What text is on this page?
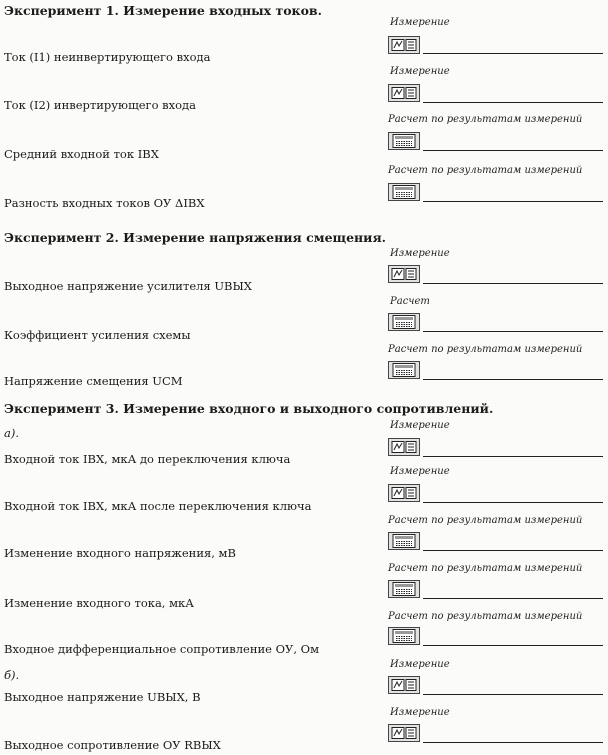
Эксперимент 1. Измерение входных токов.

Измерение

Ток (I1) неинвертирующего входа

Измерение

Ток (I2) инвертирующего входа

Расчет по результатам измерений

Средний входной ток IВХ

Расчет по результатам измерений

Разность входных токов ОУ ΔIВХ

Эксперимент 2. Измерение напряжения смещения.

Измерение

Выходное напряжение усилителя UВЫХ

Расчет

Коэффициент усиления схемы

Расчет по результатам измерений

Напряжение смещения UСМ

Эксперимент 3. Измерение входного и выходного сопротивлений.

а).

Измерение

Входной ток IВХ, мкА до переключения ключа

Измерение

Входной ток IВХ, мкА после переключения ключа

Расчет по результатам измерений

Изменение входного напряжения, мВ

Расчет по результатам измерений

Изменение входного тока, мкА

Расчет по результатам измерений

Входное дифференциальное сопротивление ОУ, Ом

б).

Измерение

Выходное напряжение UВЫХ, В

Измерение

Выходное сопротивление ОУ RВЫХ
